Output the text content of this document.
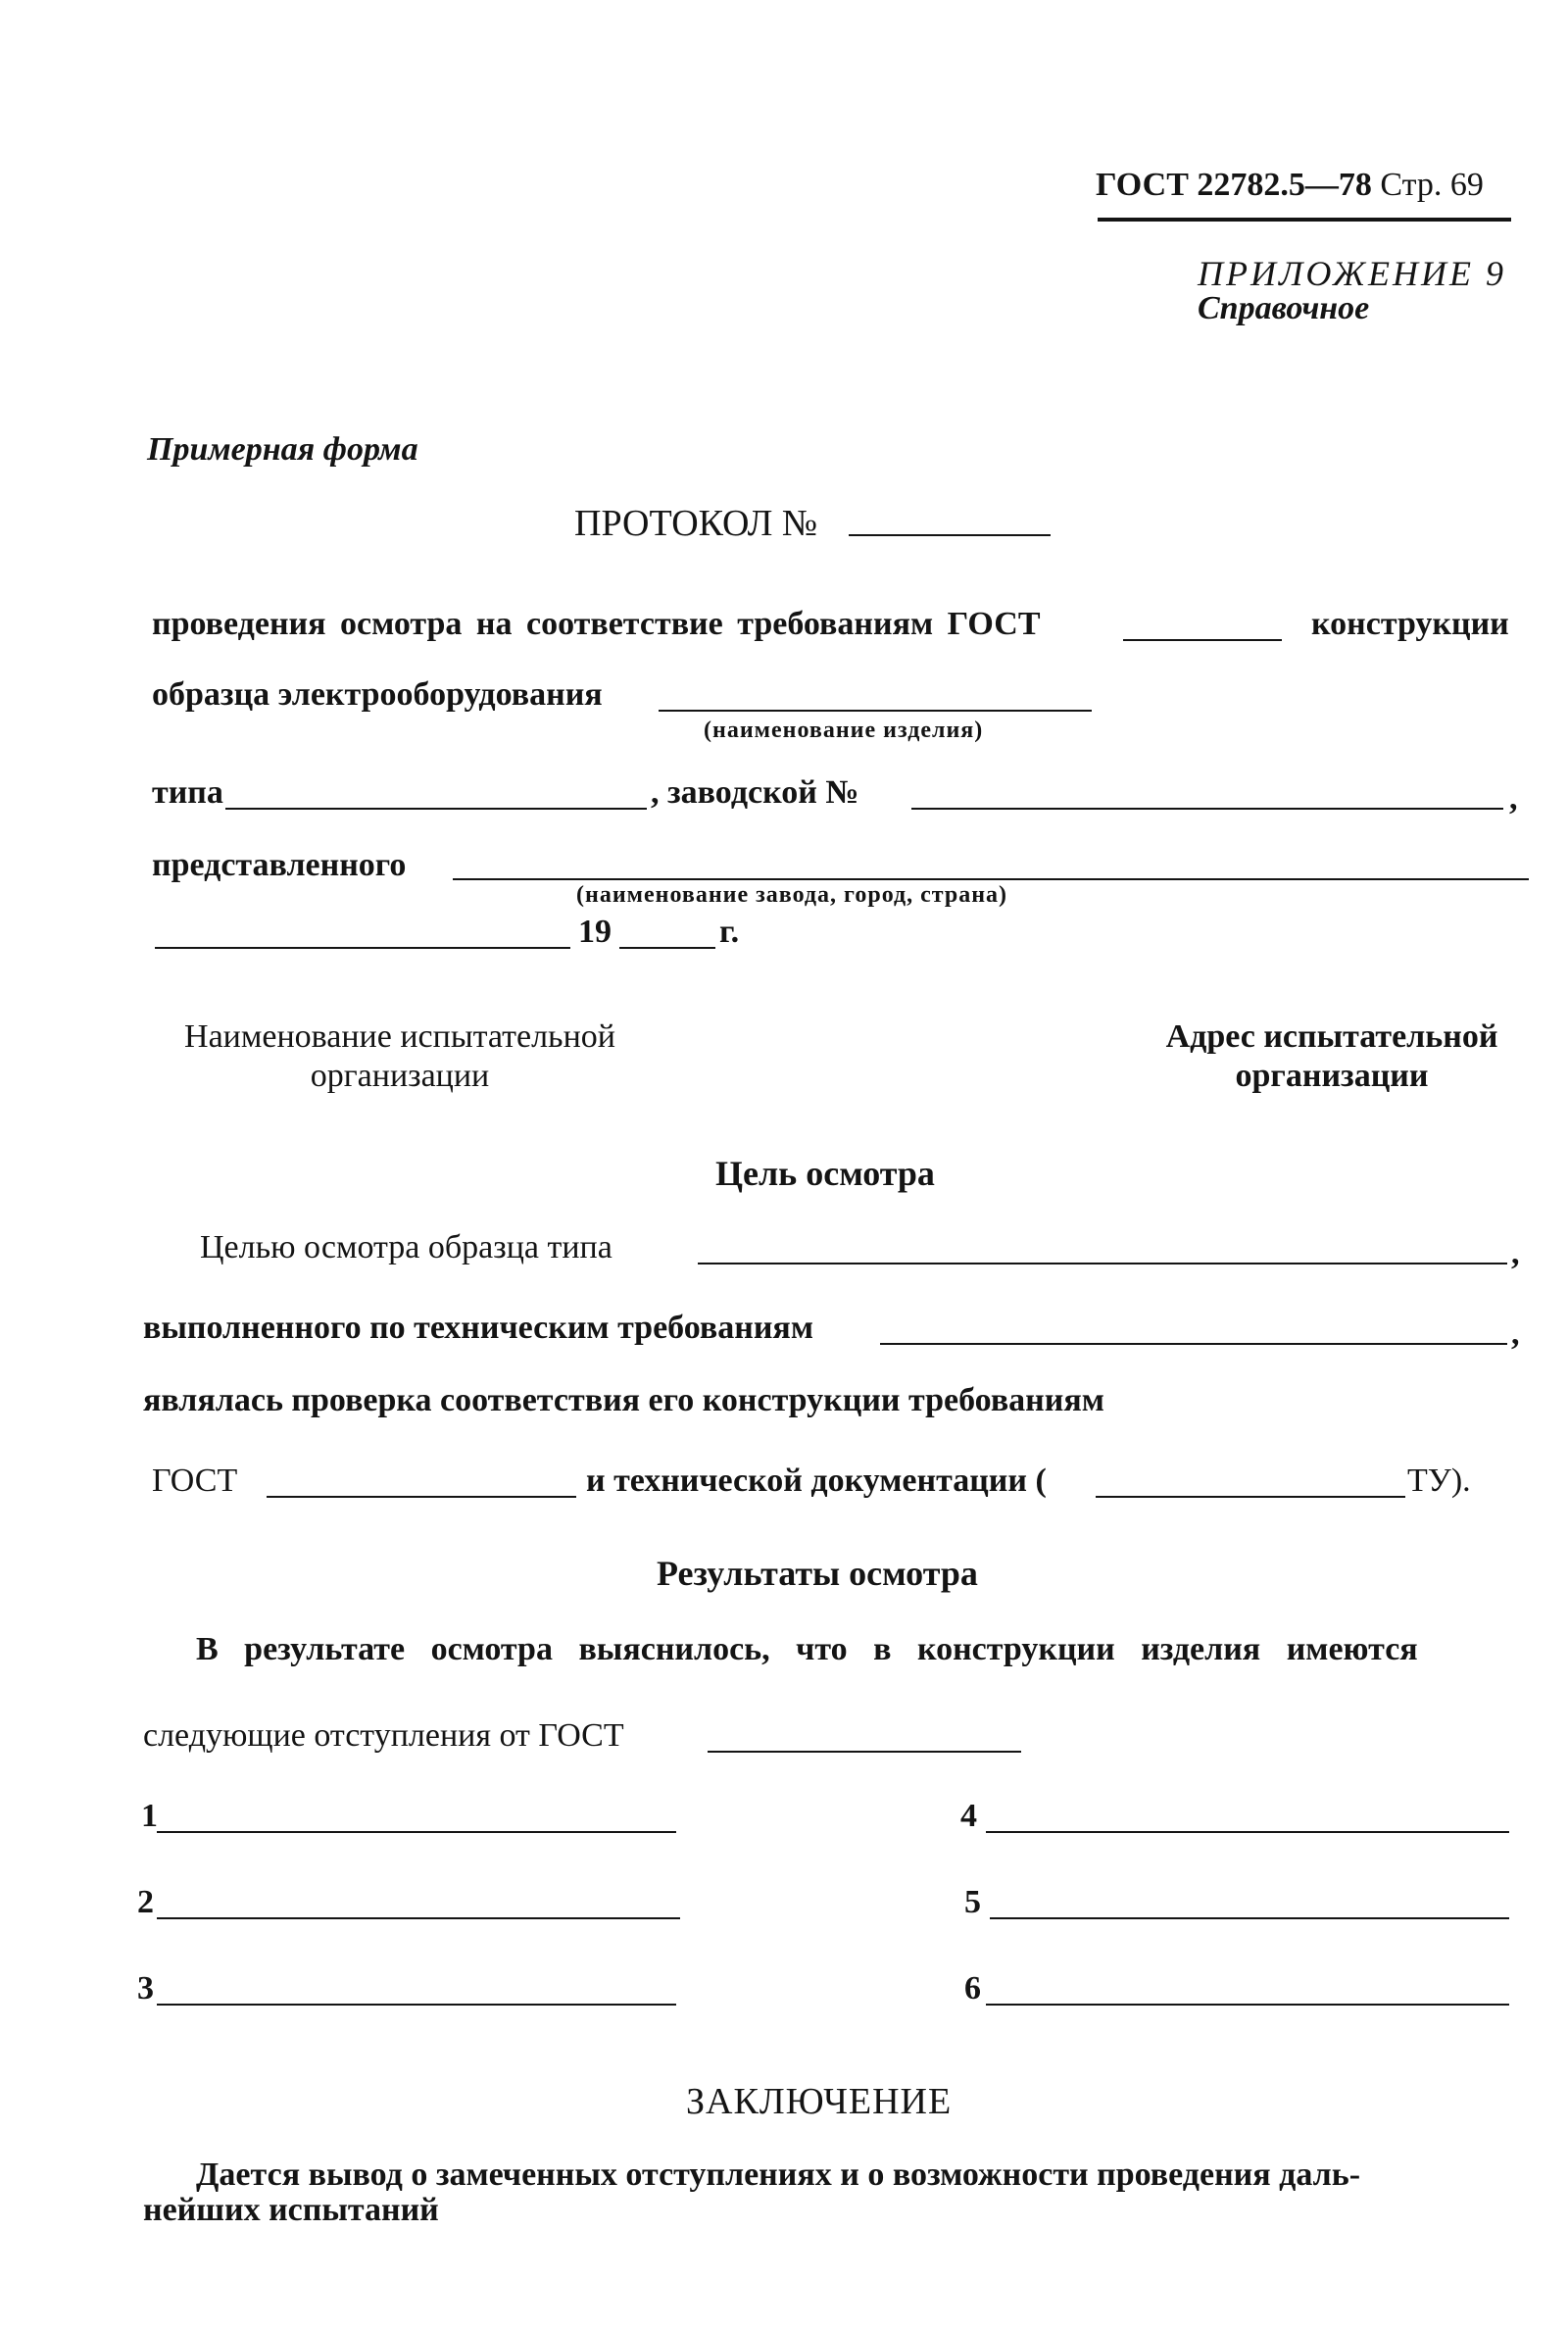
ГОСТ 22782.5—78 Стр. 69
ПРИЛОЖЕНИЕ 9
Справочное
Примерная форма
ПРОТОКОЛ №
проведения осмотра на соответствие требованиям ГОСТ	конструкции
образца электрооборудования
(наименование изделия)
типа	, заводской №	,
представленного
(наименование завода, город, страна)
19	г.
Наименование испытательной
организации
Адрес испытательной
организации
Цель осмотра
Целью осмотра образца типа	,
выполненного по техническим требованиям	,
являлась проверка соответствия его конструкции требованиям
ГОСТ	и технической документации (	ТУ).
Результаты осмотра
В результате осмотра выяснилось, что в конструкции изделия имеются
следующие отступления от ГОСТ
1
2
3
4
5
6
ЗАКЛЮЧЕНИЕ
Дается вывод о замеченных отступлениях и о возможности проведения даль-
нейших испытаний
